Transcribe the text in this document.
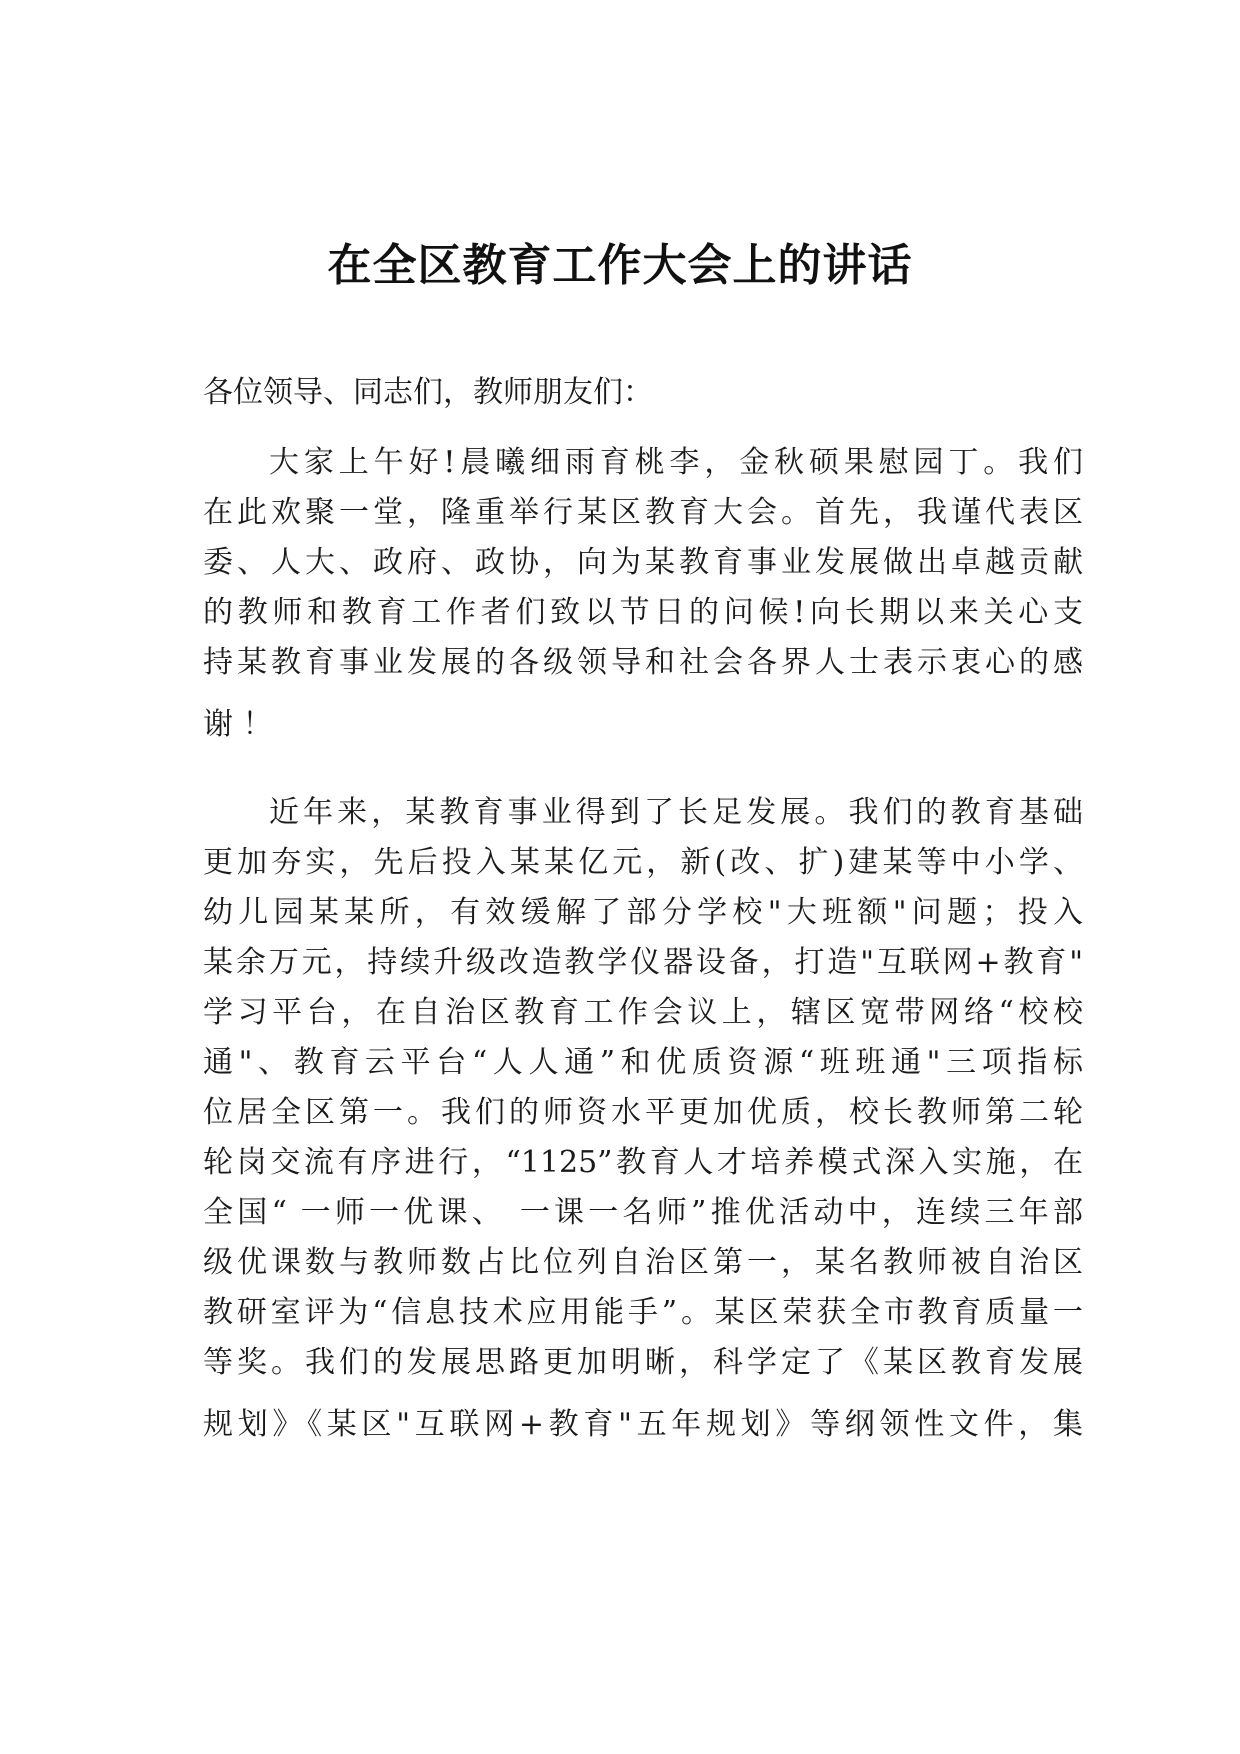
在全区教育工作大会上的讲话
各位领导、同志们，教师朋友们：
大家上午好!晨曦细雨育桃李，金秋硕果慰园丁。我们
在此欢聚一堂，隆重举行某区教育大会。首先，我谨代表区
委、人大、政府、政协，向为某教育事业发展做出卓越贡献
的教师和教育工作者们致以节日的问候!向长期以来关心支
持某教育事业发展的各级领导和社会各界人士表示衷心的感
谢 ！
近年来，某教育事业得到了长足发展。我们的教育基础
更加夯实，先后投入某某亿元，新(改、扩)建某等中小学、
幼儿园某某所，有效缓解了部分学校"大班额"问题；投入
某余万元，持续升级改造教学仪器设备，打造"互联网+教育"
学习平台，在自治区教育工作会议上，辖区宽带网络“校校
通"、教育云平台“人人通”和优质资源“班班通"三项指标
位居全区第一。我们的师资水平更加优质，校长教师第二轮
轮岗交流有序进行，“1125”教育人才培养模式深入实施，在
全国“ 一师一优课、 一课一名师”推优活动中，连续三年部
级优课数与教师数占比位列自治区第一，某名教师被自治区
教研室评为“信息技术应用能手”。某区荣获全市教育质量一
等奖。我们的发展思路更加明晰，科学定了《某区教育发展
规划》《某区"互联网+教育"五年规划》等纲领性文件，集
